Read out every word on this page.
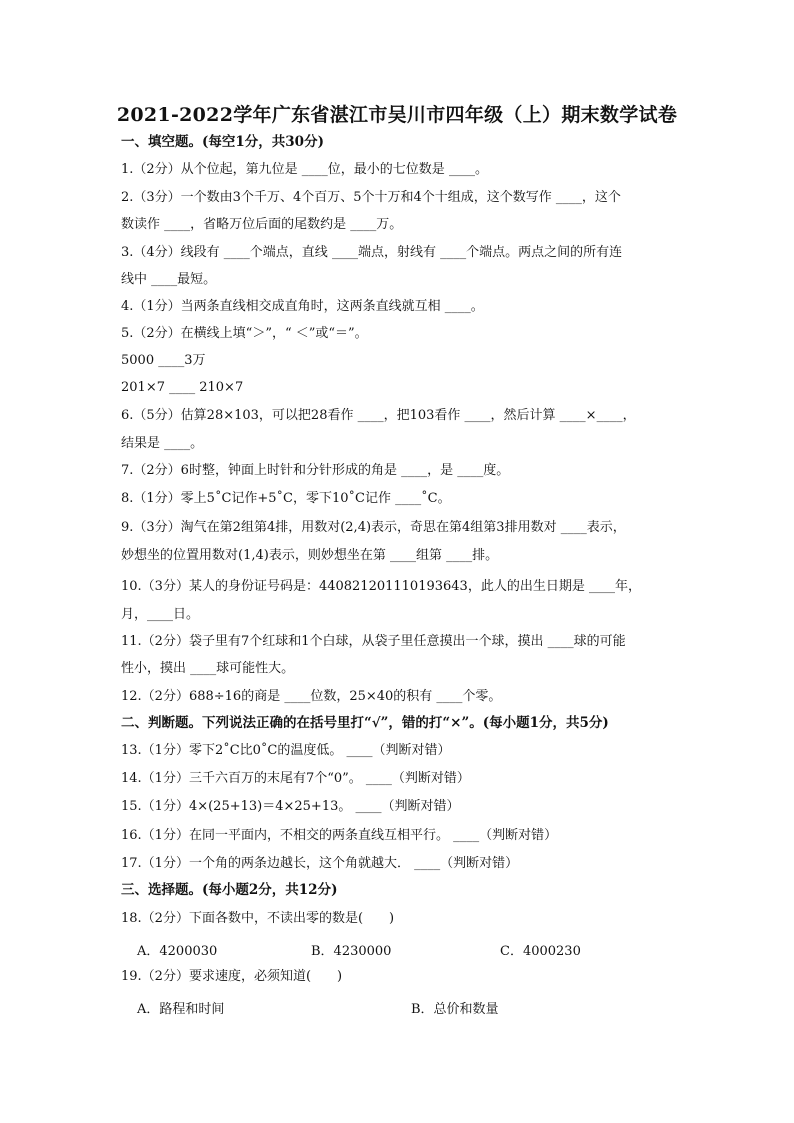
2021-2022学年广东省湛江市吴川市四年级（上）期末数学试卷
一、填空题。(每空1分，共30分)
1.（2分）从个位起，第九位是 ____位，最小的七位数是 ____。
2.（3分）一个数由3个千万、4个百万、5个十万和4个十组成，这个数写作 ____，这个
数读作 ____，省略万位后面的尾数约是 ____万。
3.（4分）线段有 ____个端点，直线 ____端点，射线有 ____个端点。两点之间的所有连
线中 ____最短。
4.（1分）当两条直线相交成直角时，这两条直线就互相 ____。
5.（2分）在横线上填“＞”，“ ＜”或“＝”。
5000 ____3万
201×7 ____ 210×7
6.（5分）估算28×103，可以把28看作 ____，把103看作 ____，然后计算 ____×____，
结果是 ____。
7.（2分）6时整，钟面上时针和分针形成的角是 ____，是 ____度。
8.（1分）零上5˚C记作+5˚C，零下10˚C记作 ____˚C。
9.（3分）淘气在第2组第4排，用数对(2,4)表示，奇思在第4组第3排用数对 ____表示，
妙想坐的位置用数对(1,4)表示，则妙想坐在第 ____组第 ____排。
10.（3分）某人的身份证号码是：440821201110193643，此人的出生日期是 ____年，
月，____日。
11.（2分）袋子里有7个红球和1个白球，从袋子里任意摸出一个球，摸出 ____球的可能
性小，摸出 ____球可能性大。
12.（2分）688÷16的商是 ____位数，25×40的积有 ____个零。
二、判断题。下列说法正确的在括号里打“√”，错的打“×”。(每小题1分，共5分)
13.（1分）零下2˚C比0˚C的温度低。 ____（判断对错）
14.（1分）三千六百万的末尾有7个“0”。 ____（判断对错）
15.（1分）4×(25+13)＝4×25+13。 ____（判断对错）
16.（1分）在同一平面内，不相交的两条直线互相平行。 ____（判断对错）
17.（1分）一个角的两条边越长，这个角就越大． ____（判断对错）
三、选择题。(每小题2分，共12分)
18.（2分）下面各数中，不读出零的数是(　　)
A．4200030	B．4230000	C．4000230
19.（2分）要求速度，必须知道(　　)
A．路程和时间	B．总价和数量
